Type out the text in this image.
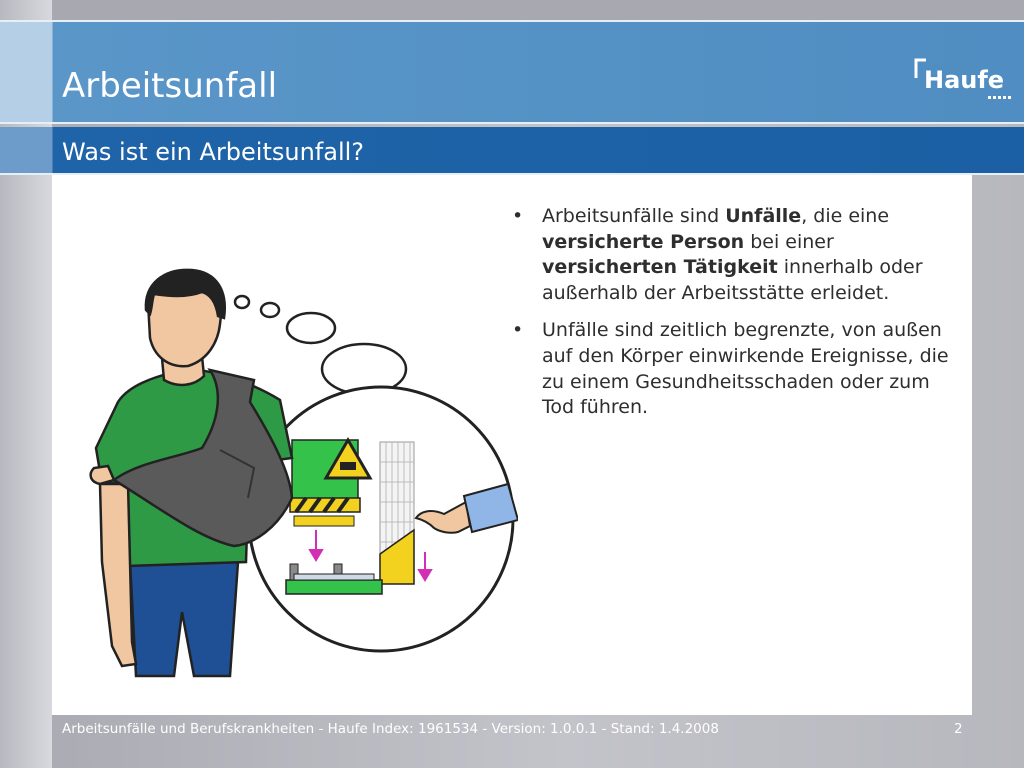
Arbeitsunfall	Haufe
Was ist ein Arbeitsunfall?
• Arbeitsunfälle sind Unfälle, die eine versicherte Person bei einer versicherten Tätigkeit innerhalb oder außerhalb der Arbeitsstätte erleidet.
• Unfälle sind zeitlich begrenzte, von außen auf den Körper einwirkende Ereignisse, die zu einem Gesundheitsschaden oder zum Tod führen.
Arbeitsunfälle und Berufskrankheiten - Haufe Index: 1961534 - Version: 1.0.0.1 - Stand: 1.4.2008	2
